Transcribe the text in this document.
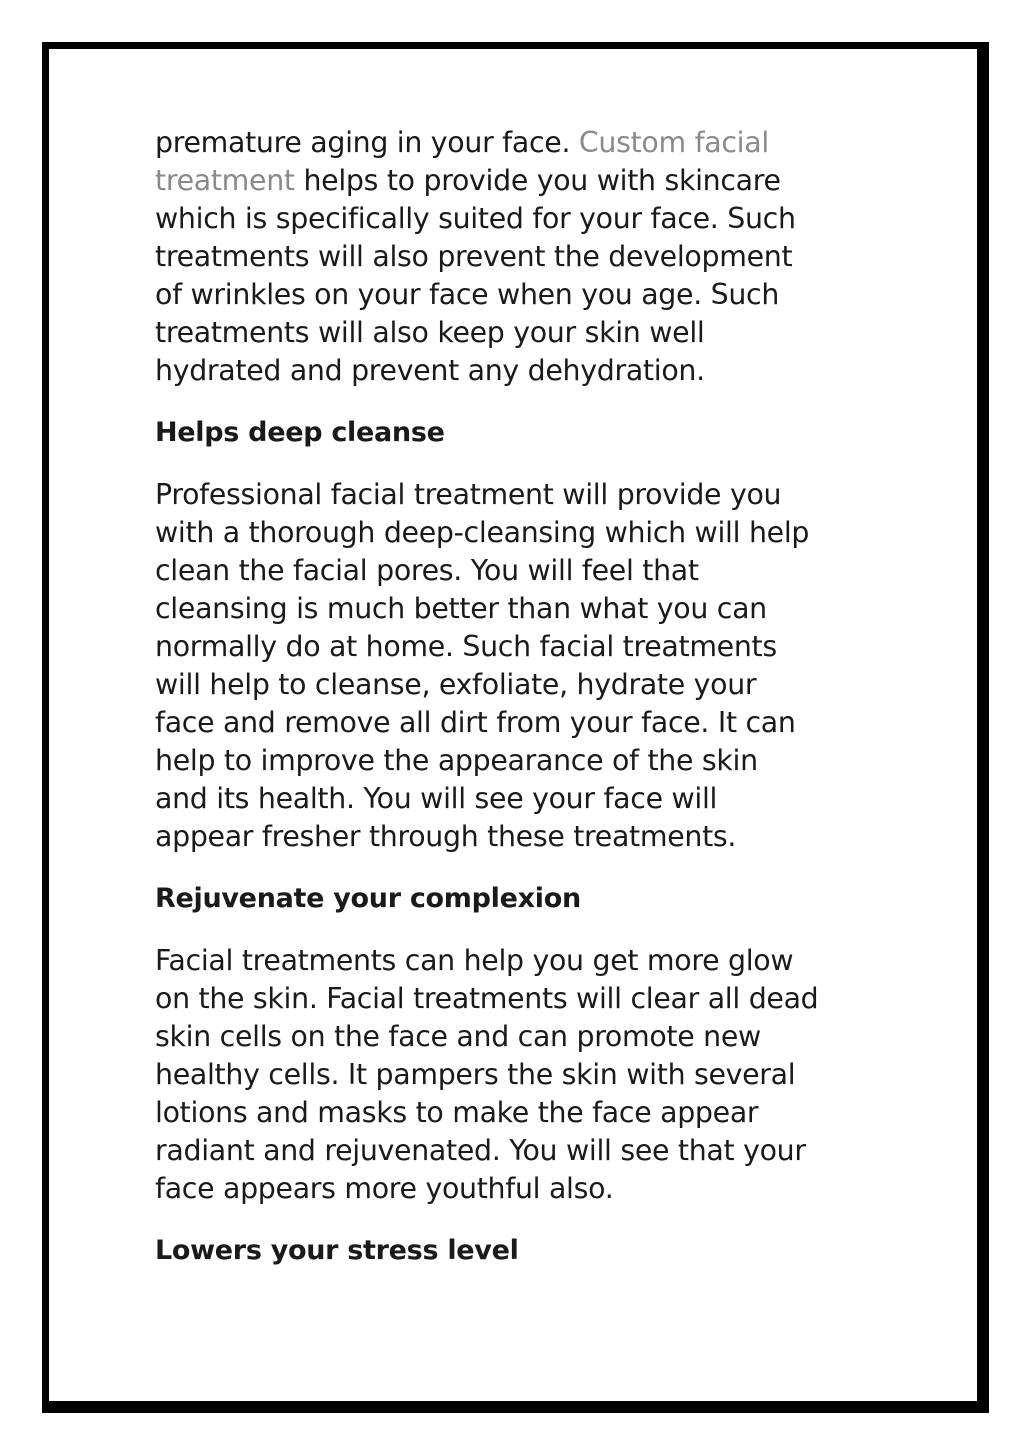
premature aging in your face. Custom facial
treatment helps to provide you with skincare
which is specifically suited for your face. Such
treatments will also prevent the development
of wrinkles on your face when you age. Such
treatments will also keep your skin well
hydrated and prevent any dehydration.

Helps deep cleanse

Professional facial treatment will provide you
with a thorough deep-cleansing which will help
clean the facial pores. You will feel that
cleansing is much better than what you can
normally do at home. Such facial treatments
will help to cleanse, exfoliate, hydrate your
face and remove all dirt from your face. It can
help to improve the appearance of the skin
and its health. You will see your face will
appear fresher through these treatments.

Rejuvenate your complexion

Facial treatments can help you get more glow
on the skin. Facial treatments will clear all dead
skin cells on the face and can promote new
healthy cells. It pampers the skin with several
lotions and masks to make the face appear
radiant and rejuvenated. You will see that your
face appears more youthful also.

Lowers your stress level
